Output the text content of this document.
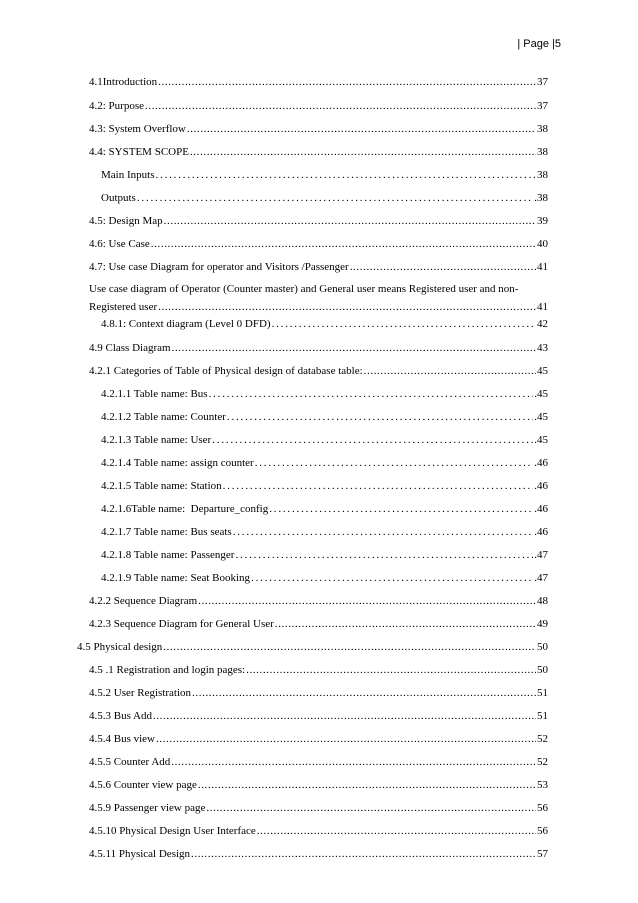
| Page |5
4.1Introduction .....	37
4.2: Purpose .....	37
4.3: System Overflow .....	38
4.4: SYSTEM SCOPE .....	38
Main Inputs .....	38
Outputs .....	.38
4.5: Design Map .....	39
4.6: Use Case .....	40
4.7: Use case Diagram for operator and Visitors /Passenger .....	41
Use case diagram of Operator (Counter master) and General user means Registered user and non-
Registered user .....	41
4.8.1: Context diagram (Level 0 DFD) .....	42
4.9 Class Diagram .....	43
4.2.1 Categories of Table of Physical design of database table: .....	45
4.2.1.1 Table name: Bus .....	.45
4.2.1.2 Table name: Counter .....	.45
4.2.1.3 Table name: User .....	.45
4.2.1.4 Table name: assign counter .....	.46
4.2.1.5 Table name: Station .....	.46
4.2.1.6Table name:  Departure_config .....	.46
4.2.1.7 Table name: Bus seats .....	.46
4.2.1.8 Table name: Passenger .....	.47
4.2.1.9 Table name: Seat Booking .....	.47
4.2.2 Sequence Diagram .....	48
4.2.3 Sequence Diagram for General User .....	49
4.5 Physical design .....	50
4.5 .1 Registration and login pages: .....	50
4.5.2 User Registration .....	51
4.5.3 Bus Add .....	51
4.5.4 Bus view .....	52
4.5.5 Counter Add .....	52
4.5.6 Counter view page .....	53
4.5.9 Passenger view page .....	56
4.5.10 Physical Design User Interface .....	56
4.5.11 Physical Design .....	57
